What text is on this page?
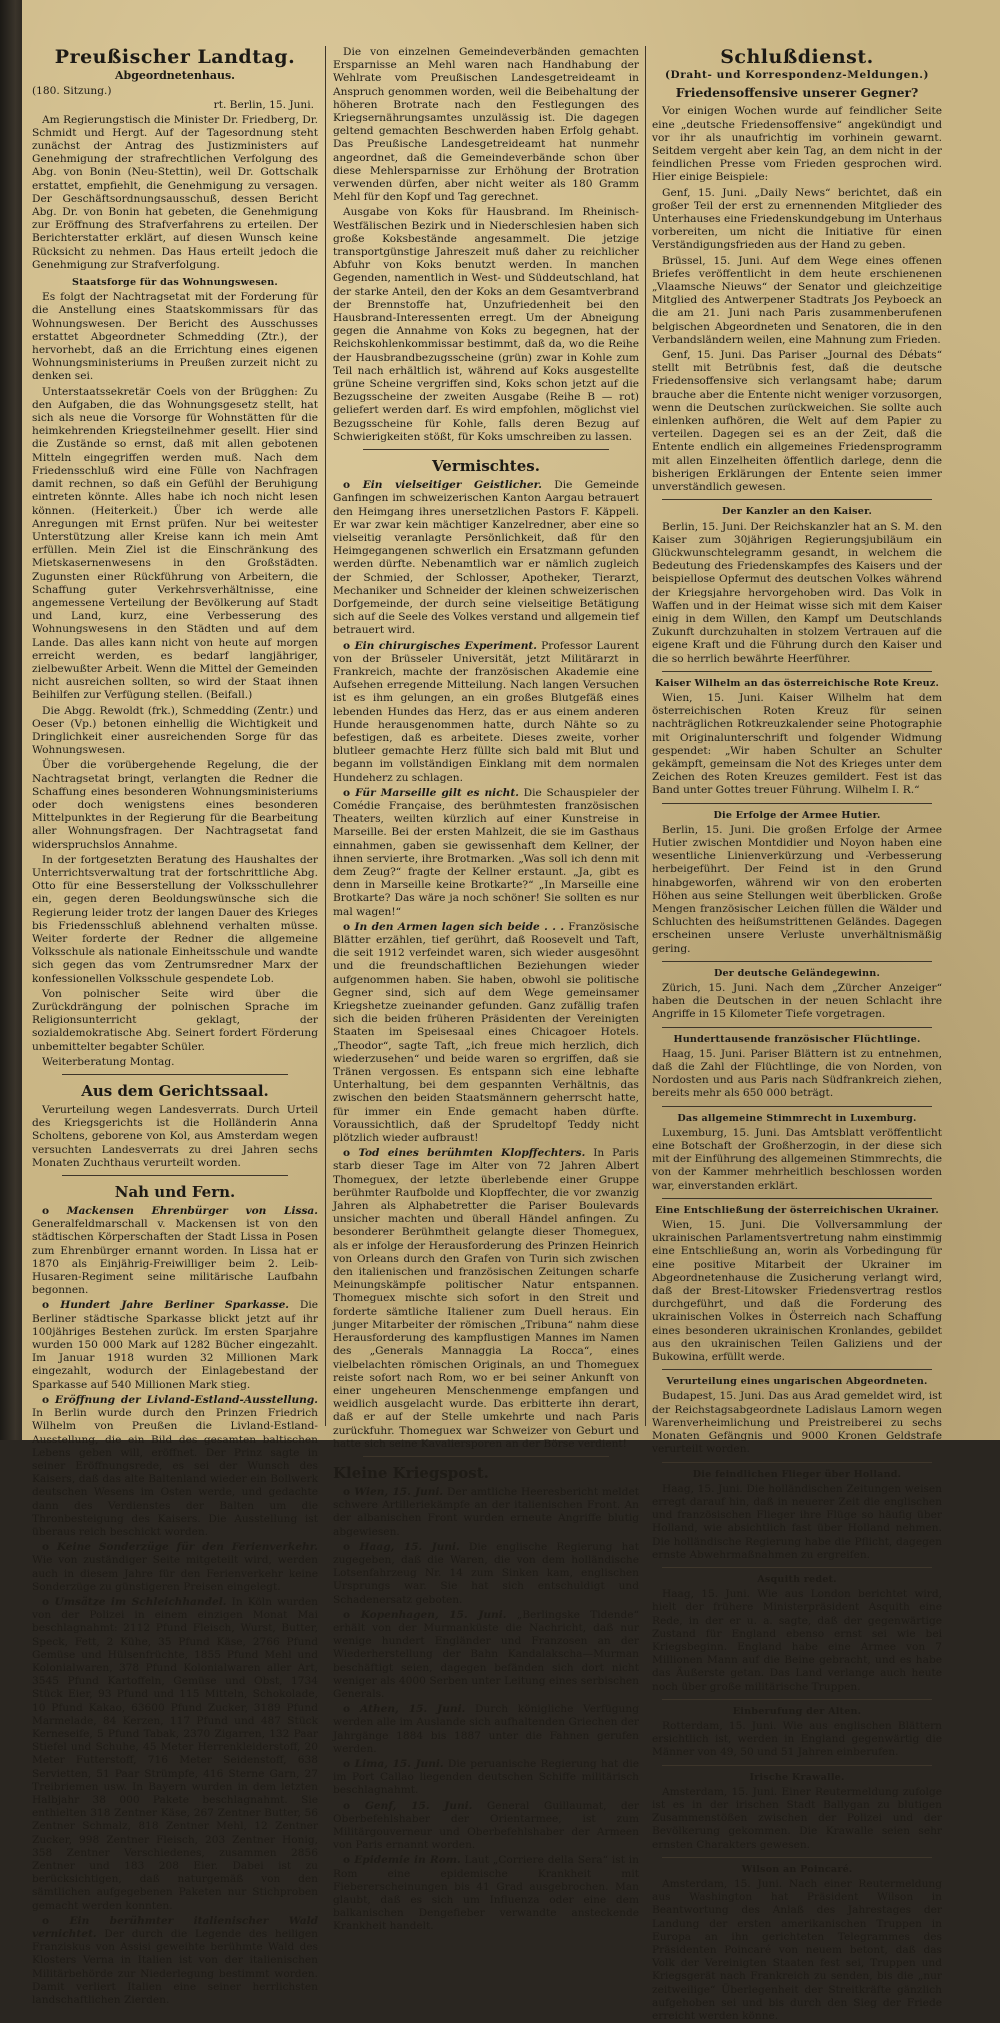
Preußischer Landtag.
Abgeordnetenhaus.
(180. Sitzung.)
rt. Berlin, 15. Juni.
Am Regierungstisch die Minister Dr. Friedberg, Dr. Schmidt und Hergt. Auf der Tagesordnung steht zunächst der Antrag des Justizministers auf Genehmigung der strafrechtlichen Verfolgung des Abg. von Bonin (Neu-Stettin), weil Dr. Gottschalk erstattet, empfiehlt, die Genehmigung zu versagen. Der Geschäftsordnungsausschuß, dessen Bericht Abg. Dr. von Bonin hat gebeten, die Genehmigung zur Eröffnung des Strafverfahrens zu erteilen. Der Berichterstatter erklärt, auf diesen Wunsch keine Rücksicht zu nehmen. Das Haus erteilt jedoch die Genehmigung zur Strafverfolgung.
Staatsforge für das Wohnungswesen.
Es folgt der Nachtragsetat mit der Forderung für die Anstellung eines Staatskommissars für das Wohnungswesen. Der Bericht des Ausschusses erstattet Abgeordneter Schmedding (Ztr.), der hervorhebt, daß an die Errichtung eines eigenen Wohnungsministeriums in Preußen zurzeit nicht zu denken sei.
Unterstaatssekretär Coels von der Brügghen: Zu den Aufgaben, die das Wohnungsgesetz stellt, hat sich als neue die Vorsorge für Wohnstätten für die heimkehrenden Kriegsteilnehmer gesellt. Hier sind die Zustände so ernst, daß mit allen gebotenen Mitteln eingegriffen werden muß. Nach dem Friedensschluß wird eine Fülle von Nachfragen damit rechnen, so daß ein Gefühl der Beruhigung eintreten könnte. Alles habe ich noch nicht lesen können. (Heiterkeit.) Über ich werde alle Anregungen mit Ernst prüfen. Nur bei weitester Unterstützung aller Kreise kann ich mein Amt erfüllen. Mein Ziel ist die Einschränkung des Mietskasernenwesens in den Großstädten. Zugunsten einer Rückführung von Arbeitern, die Schaffung guter Verkehrsverhältnisse, eine angemessene Verteilung der Bevölkerung auf Stadt und Land, kurz, eine Verbesserung des Wohnungswesens in den Städten und auf dem Lande. Das alles kann nicht von heute auf morgen erreicht werden, es bedarf langjähriger, zielbewußter Arbeit. Wenn die Mittel der Gemeinden nicht ausreichen sollten, so wird der Staat ihnen Beihilfen zur Verfügung stellen. (Beifall.)
Die Abgg. Rewoldt (frk.), Schmedding (Zentr.) und Oeser (Vp.) betonen einhellig die Wichtigkeit und Dringlichkeit einer ausreichenden Sorge für das Wohnungswesen.
Über die vorübergehende Regelung, die der Nachtragsetat bringt, verlangten die Redner die Schaffung eines besonderen Wohnungsministeriums oder doch wenigstens eines besonderen Mittelpunktes in der Regierung für die Bearbeitung aller Wohnungsfragen. Der Nachtragsetat fand widerspruchslos Annahme.
In der fortgesetzten Beratung des Haushaltes der Unterrichtsverwaltung trat der fortschrittliche Abg. Otto für eine Besserstellung der Volksschullehrer ein, gegen deren Beoldungswünsche sich die Regierung leider trotz der langen Dauer des Krieges bis Friedensschluß ablehnend verhalten müsse. Weiter forderte der Redner die allgemeine Volksschule als nationale Einheitsschule und wandte sich gegen das vom Zentrumsredner Marx der konfessionellen Volksschule gespendete Lob.
Von polnischer Seite wird über die Zurückdrängung der polnischen Sprache im Religionsunterricht geklagt, der sozialdemokratische Abg. Seinert fordert Förderung unbemittelter begabter Schüler.
Weiterberatung Montag.
Aus dem Gerichtssaal.
Verurteilung wegen Landesverrats. Durch Urteil des Kriegsgerichts ist die Holländerin Anna Scholtens, geborene von Kol, aus Amsterdam wegen versuchten Landesverrats zu drei Jahren sechs Monaten Zuchthaus verurteilt worden.
Nah und Fern.
o Mackensen Ehrenbürger von Lissa. Generalfeldmarschall v. Mackensen ist von den städtischen Körperschaften der Stadt Lissa in Posen zum Ehrenbürger ernannt worden. In Lissa hat er 1870 als Einjährig-Freiwilliger beim 2. Leib-Husaren-Regiment seine militärische Laufbahn begonnen.
o Hundert Jahre Berliner Sparkasse. Die Berliner städtische Sparkasse blickt jetzt auf ihr 100jähriges Bestehen zurück. Im ersten Sparjahre wurden 150 000 Mark auf 1282 Bücher eingezahlt. Im Januar 1918 wurden 32 Millionen Mark eingezahlt, wodurch der Einlagebestand der Sparkasse auf 540 Millionen Mark stieg.
o Eröffnung der Livland-Estland-Ausstellung. In Berlin wurde durch den Prinzen Friedrich Wilhelm von Preußen die Livland-Estland-Ausstellung, die ein Bild des gesamten baltischen Lebens geben will, eröffnet. Der Prinz sagte in seiner Eröffnungsrede, es sei der Wunsch des Kaisers, daß das alte Baltenland wieder ein Bollwerk deutschen Wesens im Osten werde, und gedachte dann des Verdienstes der Balten um die Thronbesteigung des Kaisers. Die Ausstellung ist überaus reich beschickt worden.
o Keine Sonderzüge für den Ferienverkehr. Wie von zuständiger Seite mitgeteilt wird, werden auch in diesem Jahre für den Ferienverkehr keine Sonderzüge zu günstigeren Preisen eingelegt.
o Umsätze im Schleichhandel. In Köln wurden von der Polizei in einem einzigen Monat Mai beschlagnahmt: 2112 Pfund Fleisch, Wurst, Butter, Speck, Fett, 2 Kühe, 35 Pfund Käse, 2766 Pfund Gemüse und Hülsenfrüchte, 1855 Pfund Mehl und Kolonialwaren, 378 Pfund Kolonialwaren aller Art, 3545 Pfund Kartoffeln, Gemüse und Obst, 1734 Stück Eier, 93 Pfund und 115 Mitteln, Schokolade, 10 Pfund Kakao, 63600 Pfund Zucker, 3189 Pfund Marmelade, 84 Kerzen, 117 Pfund und 487 Stück Kerneseife, 5 Pfund Tabak, 2370 Zigarren, 132 Paar Stiefel und Schuhe, 45 Meter Herrenkleiderstoff, 20 Meter Futterstoff, 716 Meter Seidenstoff, 638 Servietten, 51 Paar Strümpfe, 416 Sterne Garn, 27 Treibriemen usw. In Bayern wurden in dem letzten Halbjahr 38 000 Pakete beschlagnahmt. Sie enthielten 318 Zentner Käse, 267 Zentner Butter, 56 Zentner Schmalz, 818 Zentner Mehl, 12 Zentner Zucker, 998 Zentner Fleisch, 203 Zentner Honig, 358 Zentner Verschiedenes, zusammen 2856 Zentner und 183 208 Eier. Dabei ist zu berücksichtigen, daß naturgemäß von den sämtlichen aufgegebenen Paketen nur Stichproben gemacht werden konnten.
o Ein berühmter italienischer Wald vernichtet. Der durch die Legende des heiligen Franziskus von Assisi geweihte berühmte Wald des Klosters Verna in Italien ist von der italienischen Militärbehörde zur Niederlegung bestimmt worden. Damit verliert Italien eine seiner herrlichsten landschaftlichen Zierden.
Die von einzelnen Gemeindeverbänden gemachten Ersparnisse an Mehl waren nach Handhabung der Wehlrate vom Preußischen Landesgetreideamt in Anspruch genommen worden, weil die Beibehaltung der höheren Brotrate nach den Festlegungen des Kriegsernährungsamtes unzulässig ist. Die dagegen geltend gemachten Beschwerden haben Erfolg gehabt. Das Preußische Landesgetreideamt hat nunmehr angeordnet, daß die Gemeindeverbände schon über diese Mehlersparnisse zur Erhöhung der Brotration verwenden dürfen, aber nicht weiter als 180 Gramm Mehl für den Kopf und Tag gerechnet.
Ausgabe von Koks für Hausbrand. Im Rheinisch-Westfälischen Bezirk und in Niederschlesien haben sich große Koksbestände angesammelt. Die jetzige transportgünstige Jahreszeit muß daher zu reichlicher Abfuhr von Koks benutzt werden. In manchen Gegenden, namentlich in West- und Süddeutschland, hat der starke Anteil, den der Koks an dem Gesamtverbrand der Brennstoffe hat, Unzufriedenheit bei den Hausbrand-Interessenten erregt. Um der Abneigung gegen die Annahme von Koks zu begegnen, hat der Reichskohlenkommissar bestimmt, daß da, wo die Reihe der Hausbrandbezugsscheine (grün) zwar in Kohle zum Teil nach erhältlich ist, während auf Koks ausgestellte grüne Scheine vergriffen sind, Koks schon jetzt auf die Bezugsscheine der zweiten Ausgabe (Reihe B — rot) geliefert werden darf. Es wird empfohlen, möglichst viel Bezugsscheine für Kohle, falls deren Bezug auf Schwierigkeiten stößt, für Koks umschreiben zu lassen.
Vermischtes.
o Ein vielseitiger Geistlicher. Die Gemeinde Ganfingen im schweizerischen Kanton Aargau betrauert den Heimgang ihres unersetzlichen Pastors F. Käppeli. Er war zwar kein mächtiger Kanzelredner, aber eine so vielseitig veranlagte Persönlichkeit, daß für den Heimgegangenen schwerlich ein Ersatzmann gefunden werden dürfte. Nebenamtlich war er nämlich zugleich der Schmied, der Schlosser, Apotheker, Tierarzt, Mechaniker und Schneider der kleinen schweizerischen Dorfgemeinde, der durch seine vielseitige Betätigung sich auf die Seele des Volkes verstand und allgemein tief betrauert wird.
o Ein chirurgisches Experiment. Professor Laurent von der Brüsseler Universität, jetzt Militärarzt in Frankreich, machte der französischen Akademie eine Aufsehen erregende Mitteilung. Nach langen Versuchen ist es ihm gelungen, an ein großes Blutgefäß eines lebenden Hundes das Herz, das er aus einem anderen Hunde herausgenommen hatte, durch Nähte so zu befestigen, daß es arbeitete. Dieses zweite, vorher blutleer gemachte Herz füllte sich bald mit Blut und begann im vollständigen Einklang mit dem normalen Hundeherz zu schlagen.
o Für Marseille gilt es nicht. Die Schauspieler der Comédie Française, des berühmtesten französischen Theaters, weilten kürzlich auf einer Kunstreise in Marseille. Bei der ersten Mahlzeit, die sie im Gasthaus einnahmen, gaben sie gewissenhaft dem Kellner, der ihnen servierte, ihre Brotmarken. „Was soll ich denn mit dem Zeug?“ fragte der Kellner erstaunt. „Ja, gibt es denn in Marseille keine Brotkarte?“ „In Marseille eine Brotkarte? Das wäre ja noch schöner! Sie sollten es nur mal wagen!“
o In den Armen lagen sich beide . . . Französische Blätter erzählen, tief gerührt, daß Roosevelt und Taft, die seit 1912 verfeindet waren, sich wieder ausgesöhnt und die freundschaftlichen Beziehungen wieder aufgenommen haben. Sie haben, obwohl sie politische Gegner sind, sich auf dem Wege gemeinsamer Kriegshetze zueinander gefunden. Ganz zufällig trafen sich die beiden früheren Präsidenten der Vereinigten Staaten im Speisesaal eines Chicagoer Hotels. „Theodor“, sagte Taft, „ich freue mich herzlich, dich wiederzusehen“ und beide waren so ergriffen, daß sie Tränen vergossen. Es entspann sich eine lebhafte Unterhaltung, bei dem gespannten Verhältnis, das zwischen den beiden Staatsmännern geherrscht hatte, für immer ein Ende gemacht haben dürfte. Voraussichtlich, daß der Sprudeltopf Teddy nicht plötzlich wieder aufbraust!
o Tod eines berühmten Klopffechters. In Paris starb dieser Tage im Alter von 72 Jahren Albert Thomeguex, der letzte überlebende einer Gruppe berühmter Raufbolde und Klopffechter, die vor zwanzig Jahren als Alphabetretter die Pariser Boulevards unsicher machten und überall Händel anfingen. Zu besonderer Berühmtheit gelangte dieser Thomeguex, als er infolge der Herausforderung des Prinzen Heinrich von Orleans durch den Grafen von Turin sich zwischen den italienischen und französischen Zeitungen scharfe Meinungskämpfe politischer Natur entspannen. Thomeguex mischte sich sofort in den Streit und forderte sämtliche Italiener zum Duell heraus. Ein junger Mitarbeiter der römischen „Tribuna“ nahm diese Herausforderung des kampflustigen Mannes im Namen des „Generals Mannaggia La Rocca“, eines vielbelachten römischen Originals, an und Thomeguex reiste sofort nach Rom, wo er bei seiner Ankunft von einer ungeheuren Menschenmenge empfangen und weidlich ausgelacht wurde. Das erbitterte ihn derart, daß er auf der Stelle umkehrte und nach Paris zurückfuhr. Thomeguex war Schweizer von Geburt und hatte sich seine Kavaliersporen an der Börse verdient!
Kleine Kriegspost.
o Wien, 15. Juni. Der amtliche Heeresbericht meldet schwere Artilleriekämpfe an der italienischen Front. An der albanischen Front wurden erneute Angriffe blutig abgewiesen.
o Haag, 15. Juni. Die englische Regierung hat zugegeben, daß die Waren, die von dem holländische Lotsenfahrzeug Nr. 14 zum Sinken kam, englischen Ursprungs war. Sie hat sich entschuldigt und Schadenersatz geboten.
o Kopenhagen, 15. Juni. „Berlingske Tidende“ erhält von der Murmanküste die Nachricht, daß nur wenige hundert Engländer und Franzosen an der Wiederherstellung der Bahn Kandalakscha—Murman beschäftigt seien, dagegen befänden sich dort nicht weniger als 4000 Serben unter Leitung eines serbischen Generals.
o Athen, 15. Juni. Durch königliche Verfügung werden alle im Auslande sich aufhaltenden Griechen der Jahrgänge 1884 bis 1887 unter die Fahnen gerufen werden.
o Lima, 15. Juni. Die peruanische Regierung hat die im Port Callao liegenden deutschen Schiffe militärisch beschlagnahmt.
o Genf, 15. Juni. General Guillaumat, der Oberbefehlshaber der Orientarmee, ist zum Militärgouverneur und Oberbefehlshaber der Armeen von Paris ernannt worden.
o Epidemie in Rom. Laut „Corriere della Sera“ ist in Rom eine epidemische Krankheit mit Fiebererscheinungen bis 41 Grad ausgebrochen. Man glaubt, daß es sich um Influenza oder eine dem balkanischen Dengefieber verwandte ansteckende Krankheit handelt.
Schlußdienst.
(Draht- und Korrespondenz-Meldungen.)
Friedensoffensive unserer Gegner?
Vor einigen Wochen wurde auf feindlicher Seite eine „deutsche Friedensoffensive“ angekündigt und vor ihr als unaufrichtig im vorhinein gewarnt. Seitdem vergeht aber kein Tag, an dem nicht in der feindlichen Presse vom Frieden gesprochen wird. Hier einige Beispiele:
Genf, 15. Juni. „Daily News“ berichtet, daß ein großer Teil der erst zu ernennenden Mitglieder des Unterhauses eine Friedenskundgebung im Unterhaus vorbereiten, um nicht die Initiative für einen Verständigungsfrieden aus der Hand zu geben.
Brüssel, 15. Juni. Auf dem Wege eines offenen Briefes veröffentlicht in dem heute erschienenen „Vlaamsche Nieuws“ der Senator und gleichzeitige Mitglied des Antwerpener Stadtrats Jos Peyboeck an die am 21. Juni nach Paris zusammenberufenen belgischen Abgeordneten und Senatoren, die in den Verbandsländern weilen, eine Mahnung zum Frieden.
Genf, 15. Juni. Das Pariser „Journal des Débats“ stellt mit Betrübnis fest, daß die deutsche Friedensoffensive sich verlangsamt habe; darum brauche aber die Entente nicht weniger vorzusorgen, wenn die Deutschen zurückweichen. Sie sollte auch einlenken aufhören, die Welt auf dem Papier zu verteilen. Dagegen sei es an der Zeit, daß die Entente endlich ein allgemeines Friedensprogramm mit allen Einzelheiten öffentlich darlege, denn die bisherigen Erklärungen der Entente seien immer unverständlich gewesen.
Der Kanzler an den Kaiser.
Berlin, 15. Juni. Der Reichskanzler hat an S. M. den Kaiser zum 30jährigen Regierungsjubiläum ein Glückwunschtelegramm gesandt, in welchem die Bedeutung des Friedenskampfes des Kaisers und der beispiellose Opfermut des deutschen Volkes während der Kriegsjahre hervorgehoben wird. Das Volk in Waffen und in der Heimat wisse sich mit dem Kaiser einig in dem Willen, den Kampf um Deutschlands Zukunft durchzuhalten in stolzem Vertrauen auf die eigene Kraft und die Führung durch den Kaiser und die so herrlich bewährte Heerführer.
Kaiser Wilhelm an das österreichische Rote Kreuz.
Wien, 15. Juni. Kaiser Wilhelm hat dem österreichischen Roten Kreuz für seinen nachträglichen Rotkreuzkalender seine Photographie mit Originalunterschrift und folgender Widmung gespendet: „Wir haben Schulter an Schulter gekämpft, gemeinsam die Not des Krieges unter dem Zeichen des Roten Kreuzes gemildert. Fest ist das Band unter Gottes treuer Führung. Wilhelm I. R.“
Die Erfolge der Armee Hutier.
Berlin, 15. Juni. Die großen Erfolge der Armee Hutier zwischen Montdidier und Noyon haben eine wesentliche Linienverkürzung und -Verbesserung herbeigeführt. Der Feind ist in den Grund hinabgeworfen, während wir von den eroberten Höhen aus seine Stellungen weit überblicken. Große Mengen französischer Leichen füllen die Wälder und Schluchten des heißumstrittenen Geländes. Dagegen erscheinen unsere Verluste unverhältnismäßig gering.
Der deutsche Geländegewinn.
Zürich, 15. Juni. Nach dem „Zürcher Anzeiger“ haben die Deutschen in der neuen Schlacht ihre Angriffe in 15 Kilometer Tiefe vorgetragen.
Hunderttausende französischer Flüchtlinge.
Haag, 15. Juni. Pariser Blättern ist zu entnehmen, daß die Zahl der Flüchtlinge, die von Norden, von Nordosten und aus Paris nach Südfrankreich ziehen, bereits mehr als 650 000 beträgt.
Das allgemeine Stimmrecht in Luxemburg.
Luxemburg, 15. Juni. Das Amtsblatt veröffentlicht eine Botschaft der Großherzogin, in der diese sich mit der Einführung des allgemeinen Stimmrechts, die von der Kammer mehrheitlich beschlossen worden war, einverstanden erklärt.
Eine Entschließung der österreichischen Ukrainer.
Wien, 15. Juni. Die Vollversammlung der ukrainischen Parlamentsvertretung nahm einstimmig eine Entschließung an, worin als Vorbedingung für eine positive Mitarbeit der Ukrainer im Abgeordnetenhause die Zusicherung verlangt wird, daß der Brest-Litowsker Friedensvertrag restlos durchgeführt, und daß die Forderung des ukrainischen Volkes in Österreich nach Schaffung eines besonderen ukrainischen Kronlandes, gebildet aus den ukrainischen Teilen Galiziens und der Bukowina, erfüllt werde.
Verurteilung eines ungarischen Abgeordneten.
Budapest, 15. Juni. Das aus Arad gemeldet wird, ist der Reichstagsabgeordnete Ladislaus Lamorn wegen Warenverheimlichung und Preistreiberei zu sechs Monaten Gefängnis und 9000 Kronen Geldstrafe verurteilt worden.
Die feindlichen Flieger über Holland.
Haag, 15. Juni. Die holländischen Zeitungen weisen erregt darauf hin, daß in neuerer Zeit die englischen und französischen Flieger ihre Flüge so häufig über Holland, wie absichtlich fast über Holland nehmen. Die holländische Regierung habe die Pflicht, dagegen ernste Abwehrmaßnahmen zu ergreifen.
Asquith redet.
Haag, 15. Juni. Wie aus London berichtet wird, hielt der frühere Ministerpräsident Asquith eine Rede, in der er u. a. sagte, daß der gegenwärtige Zustand für England ebenso ernst sei wie bei Kriegsbeginn. England habe eine Armee von 7 Millionen Mann auf die Beine gebracht, und es habe das Äußerste getan. Das Land verlange auch heute noch über große militärische Truppen.
Einberufung der Alten.
Rotterdam, 15. Juni. Wie aus englischen Blättern ersichtlich ist, werden in England gegenwärtig die Männer von 49, 50 und 51 Jahren einberufen.
Irische Krawalle.
Amsterdam, 15. Juni. Einer Reutermeldung zufolge ist es in der irischen Stadt Ballygan zu blutigen Zusammenstößen zwischen der Polizei und der Bevölkerung gekommen. Die Krawalle seien sehr ernsten Charakters gewesen.
Wilson an Poincaré.
Amsterdam, 15. Juni. Nach einer Reutermeldung aus Washington hat Präsident Wilson in Beantwortung des Anlaß des Jahrestages der Landung der ersten amerikanischen Truppen in Europa an ihn gerichteten Telegrammes des Präsidenten Poincaré von neuem betont, daß das Volk der Vereinigten Staaten fest sei, Truppen und Kriegsgerät nach Frankreich zu senden, bis die „nur zeitweilige“ Überlegenheit der Streitkräfte gänzlich aufgehoben sei und bis durch den Sieg der Friede erreicht werden könne.
